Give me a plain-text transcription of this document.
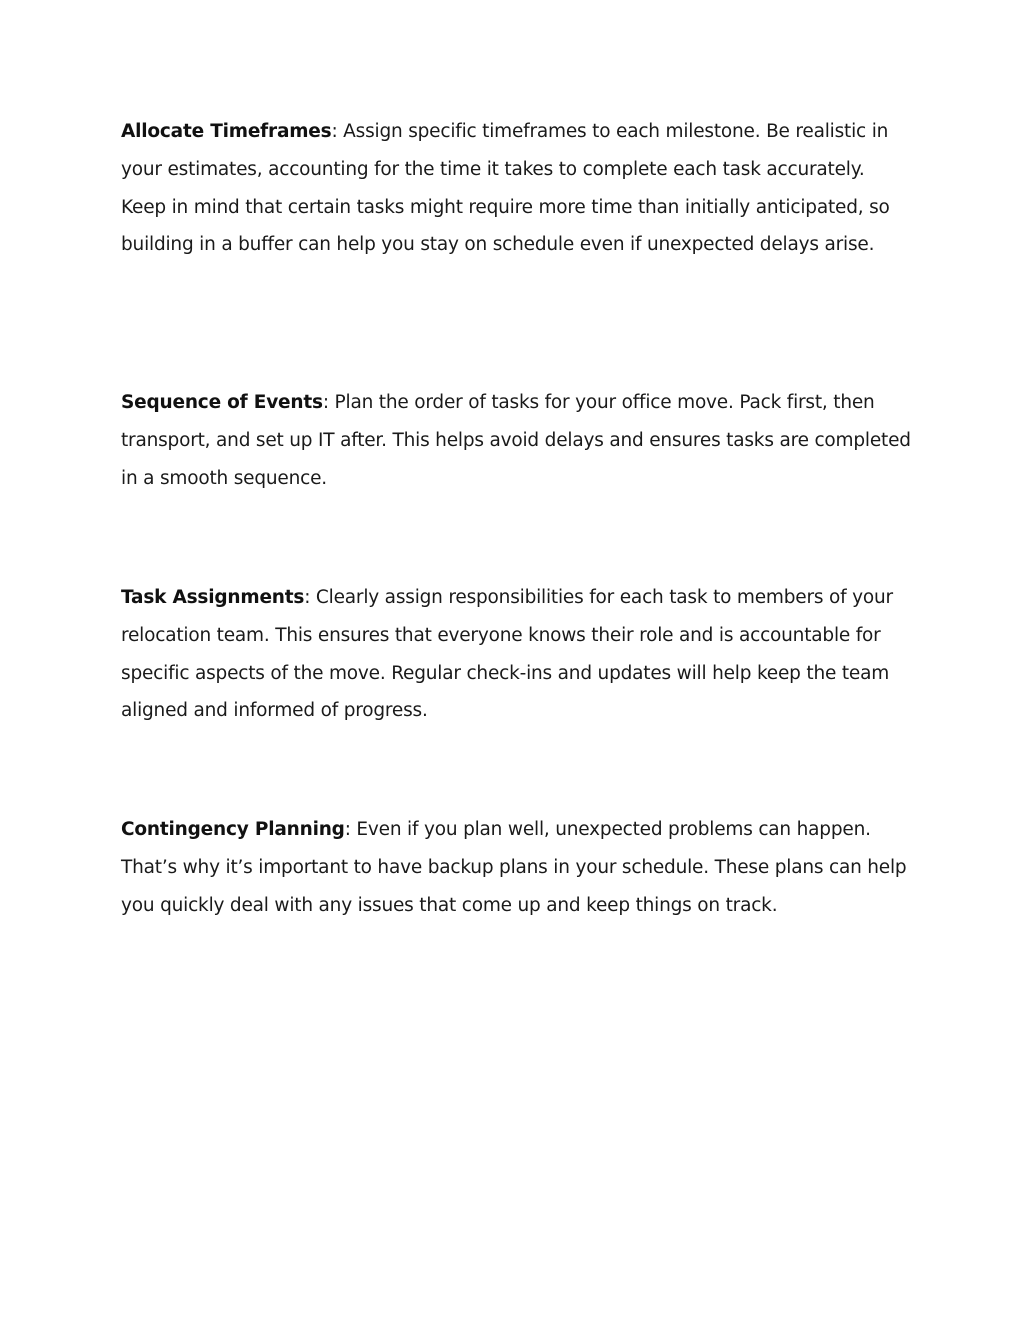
Allocate Timeframes: Assign specific timeframes to each milestone. Be realistic in your estimates, accounting for the time it takes to complete each task accurately. Keep in mind that certain tasks might require more time than initially anticipated, so building in a buffer can help you stay on schedule even if unexpected delays arise.

Sequence of Events: Plan the order of tasks for your office move. Pack first, then transport, and set up IT after. This helps avoid delays and ensures tasks are completed in a smooth sequence.

Task Assignments: Clearly assign responsibilities for each task to members of your relocation team. This ensures that everyone knows their role and is accountable for specific aspects of the move. Regular check-ins and updates will help keep the team aligned and informed of progress.

Contingency Planning: Even if you plan well, unexpected problems can happen. That’s why it’s important to have backup plans in your schedule. These plans can help you quickly deal with any issues that come up and keep things on track.
